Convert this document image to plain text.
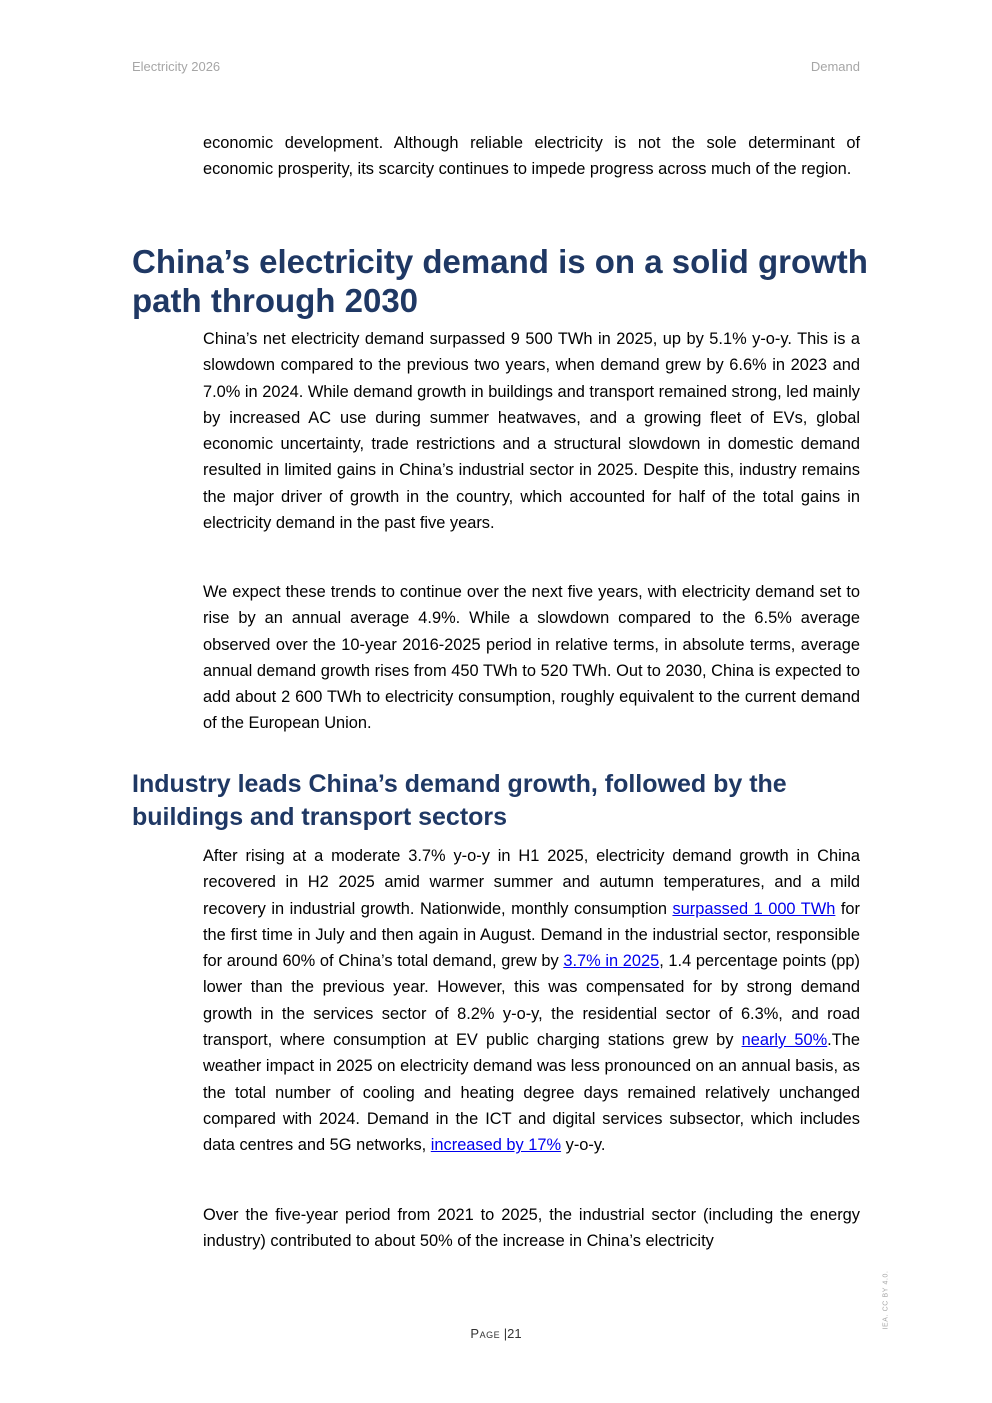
Electricity 2026	Demand

economic development. Although reliable electricity is not the sole determinant of economic prosperity, its scarcity continues to impede progress across much of the region.

China’s electricity demand is on a solid growth path through 2030

China’s net electricity demand surpassed 9 500 TWh in 2025, up by 5.1% y-o-y. This is a slowdown compared to the previous two years, when demand grew by 6.6% in 2023 and 7.0% in 2024. While demand growth in buildings and transport remained strong, led mainly by increased AC use during summer heatwaves, and a growing fleet of EVs, global economic uncertainty, trade restrictions and a structural slowdown in domestic demand resulted in limited gains in China’s industrial sector in 2025. Despite this, industry remains the major driver of growth in the country, which accounted for half of the total gains in electricity demand in the past five years.

We expect these trends to continue over the next five years, with electricity demand set to rise by an annual average 4.9%. While a slowdown compared to the 6.5% average observed over the 10-year 2016-2025 period in relative terms, in absolute terms, average annual demand growth rises from 450 TWh to 520 TWh. Out to 2030, China is expected to add about 2 600 TWh to electricity consumption, roughly equivalent to the current demand of the European Union.

Industry leads China’s demand growth, followed by the buildings and transport sectors

After rising at a moderate 3.7% y-o-y in H1 2025, electricity demand growth in China recovered in H2 2025 amid warmer summer and autumn temperatures, and a mild recovery in industrial growth. Nationwide, monthly consumption surpassed 1 000 TWh for the first time in July and then again in August. Demand in the industrial sector, responsible for around 60% of China’s total demand, grew by 3.7% in 2025, 1.4 percentage points (pp) lower than the previous year. However, this was compensated for by strong demand growth in the services sector of 8.2% y-o-y, the residential sector of 6.3%, and road transport, where consumption at EV public charging stations grew by nearly 50%.The weather impact in 2025 on electricity demand was less pronounced on an annual basis, as the total number of cooling and heating degree days remained relatively unchanged compared with 2024. Demand in the ICT and digital services subsector, which includes data centres and 5G networks, increased by 17% y-o-y.

Over the five-year period from 2021 to 2025, the industrial sector (including the energy industry) contributed to about 50% of the increase in China’s electricity

Page |21
IEA. CC BY 4.0.
